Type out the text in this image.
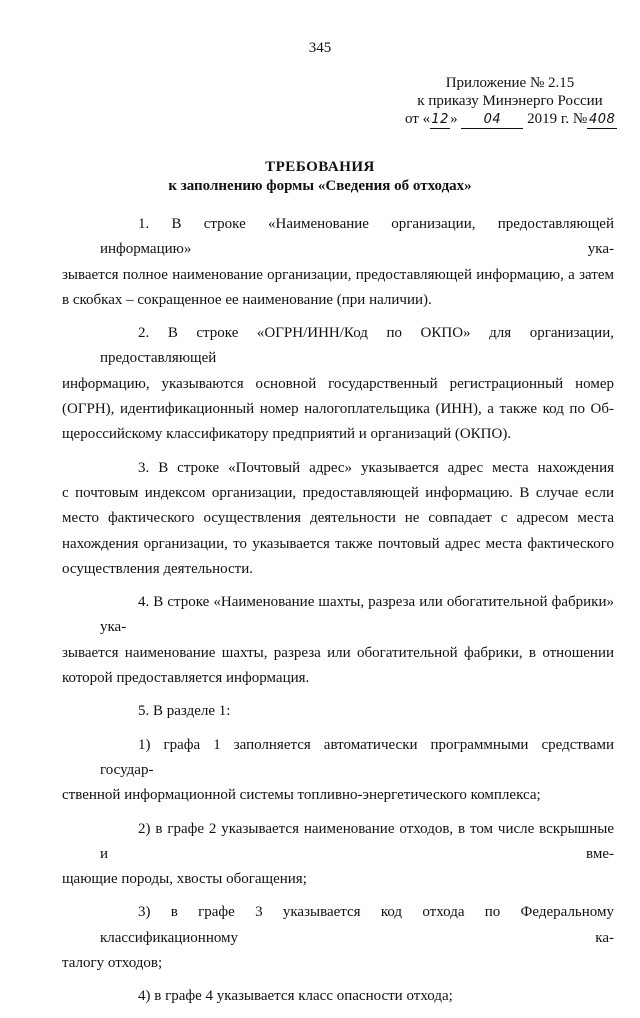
345
Приложение № 2.15
к приказу Минэнерго России
от «12» 04 2019 г. № 408
ТРЕБОВАНИЯ
к заполнению формы «Сведения об отходах»

1. В строке «Наименование организации, предоставляющей информацию» ука-
зывается полное наименование организации, предоставляющей информацию, а затем
в скобках – сокращенное ее наименование (при наличии).

2. В строке «ОГРН/ИНН/Код по ОКПО» для организации, предоставляющей
информацию, указываются основной государственный регистрационный номер
(ОГРН), идентификационный номер налогоплательщика (ИНН), а также код по Об-
щероссийскому классификатору предприятий и организаций (ОКПО).

3. В строке «Почтовый адрес» указывается адрес места нахождения
с почтовым индексом организации, предоставляющей информацию. В случае если
место фактического осуществления деятельности не совпадает с адресом места
нахождения организации, то указывается также почтовый адрес места фактического
осуществления деятельности.

4. В строке «Наименование шахты, разреза или обогатительной фабрики» ука-
зывается наименование шахты, разреза или обогатительной фабрики, в отношении
которой предоставляется информация.

5. В разделе 1:

1) графа 1 заполняется автоматически программными средствами государ-
ственной информационной системы топливно-энергетического комплекса;

2) в графе 2 указывается наименование отходов, в том числе вскрышные и вме-
щающие породы, хвосты обогащения;

3) в графе 3 указывается код отхода по Федеральному классификационному ка-
талогу отходов;

4) в графе 4 указывается класс опасности отхода;
